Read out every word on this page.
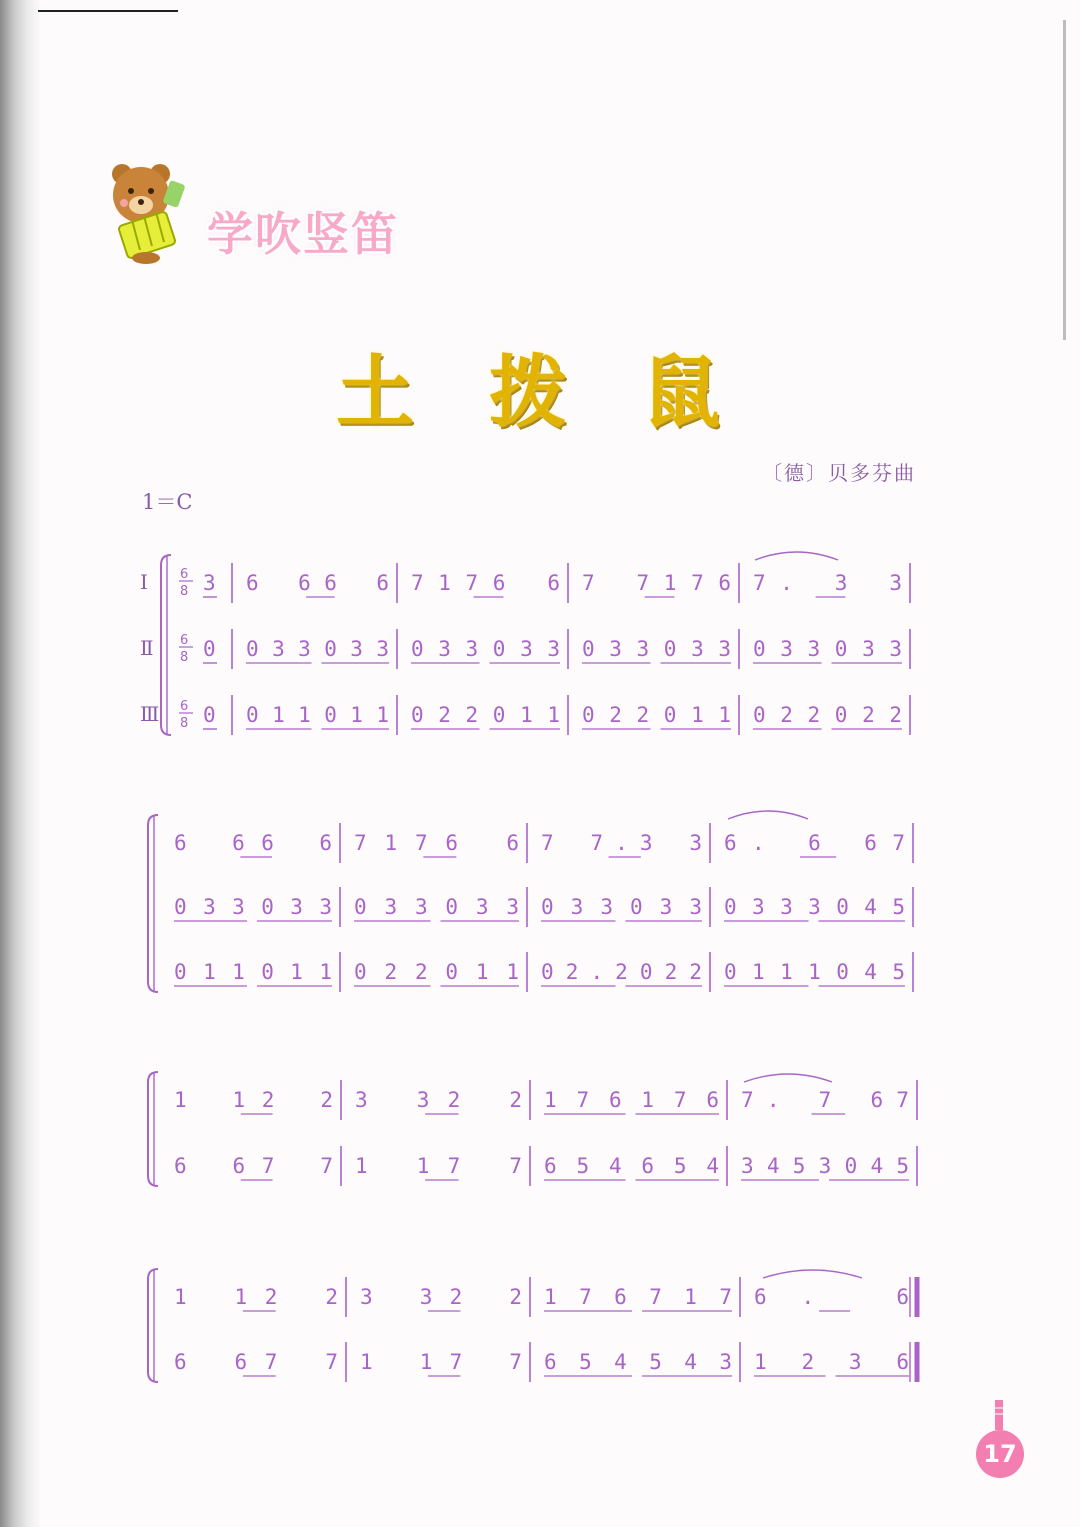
学吹竖笛
土拨鼠
〔德〕贝多芬曲
1＝C
Ⅰ 6
8 3 6 66 6 7176 6 7 7176 7. 3 3
Ⅱ 6
8 0 033033 033033 033033 033033
Ⅲ 6
8 0 011011 022011 022011 022022
6 66 6 7176 6 7 7.3 3 6. 6 67
033033 033033 033033 0333045
011011 022011 02.2022 0111045
1 12 2 3 32 2 176176 7. 7 67
6 67 7 1 17 7 654654 3453045
1 12 2 3 32 2 176717 6. 6
6 67 7 1 17 7 654543 1236
17
